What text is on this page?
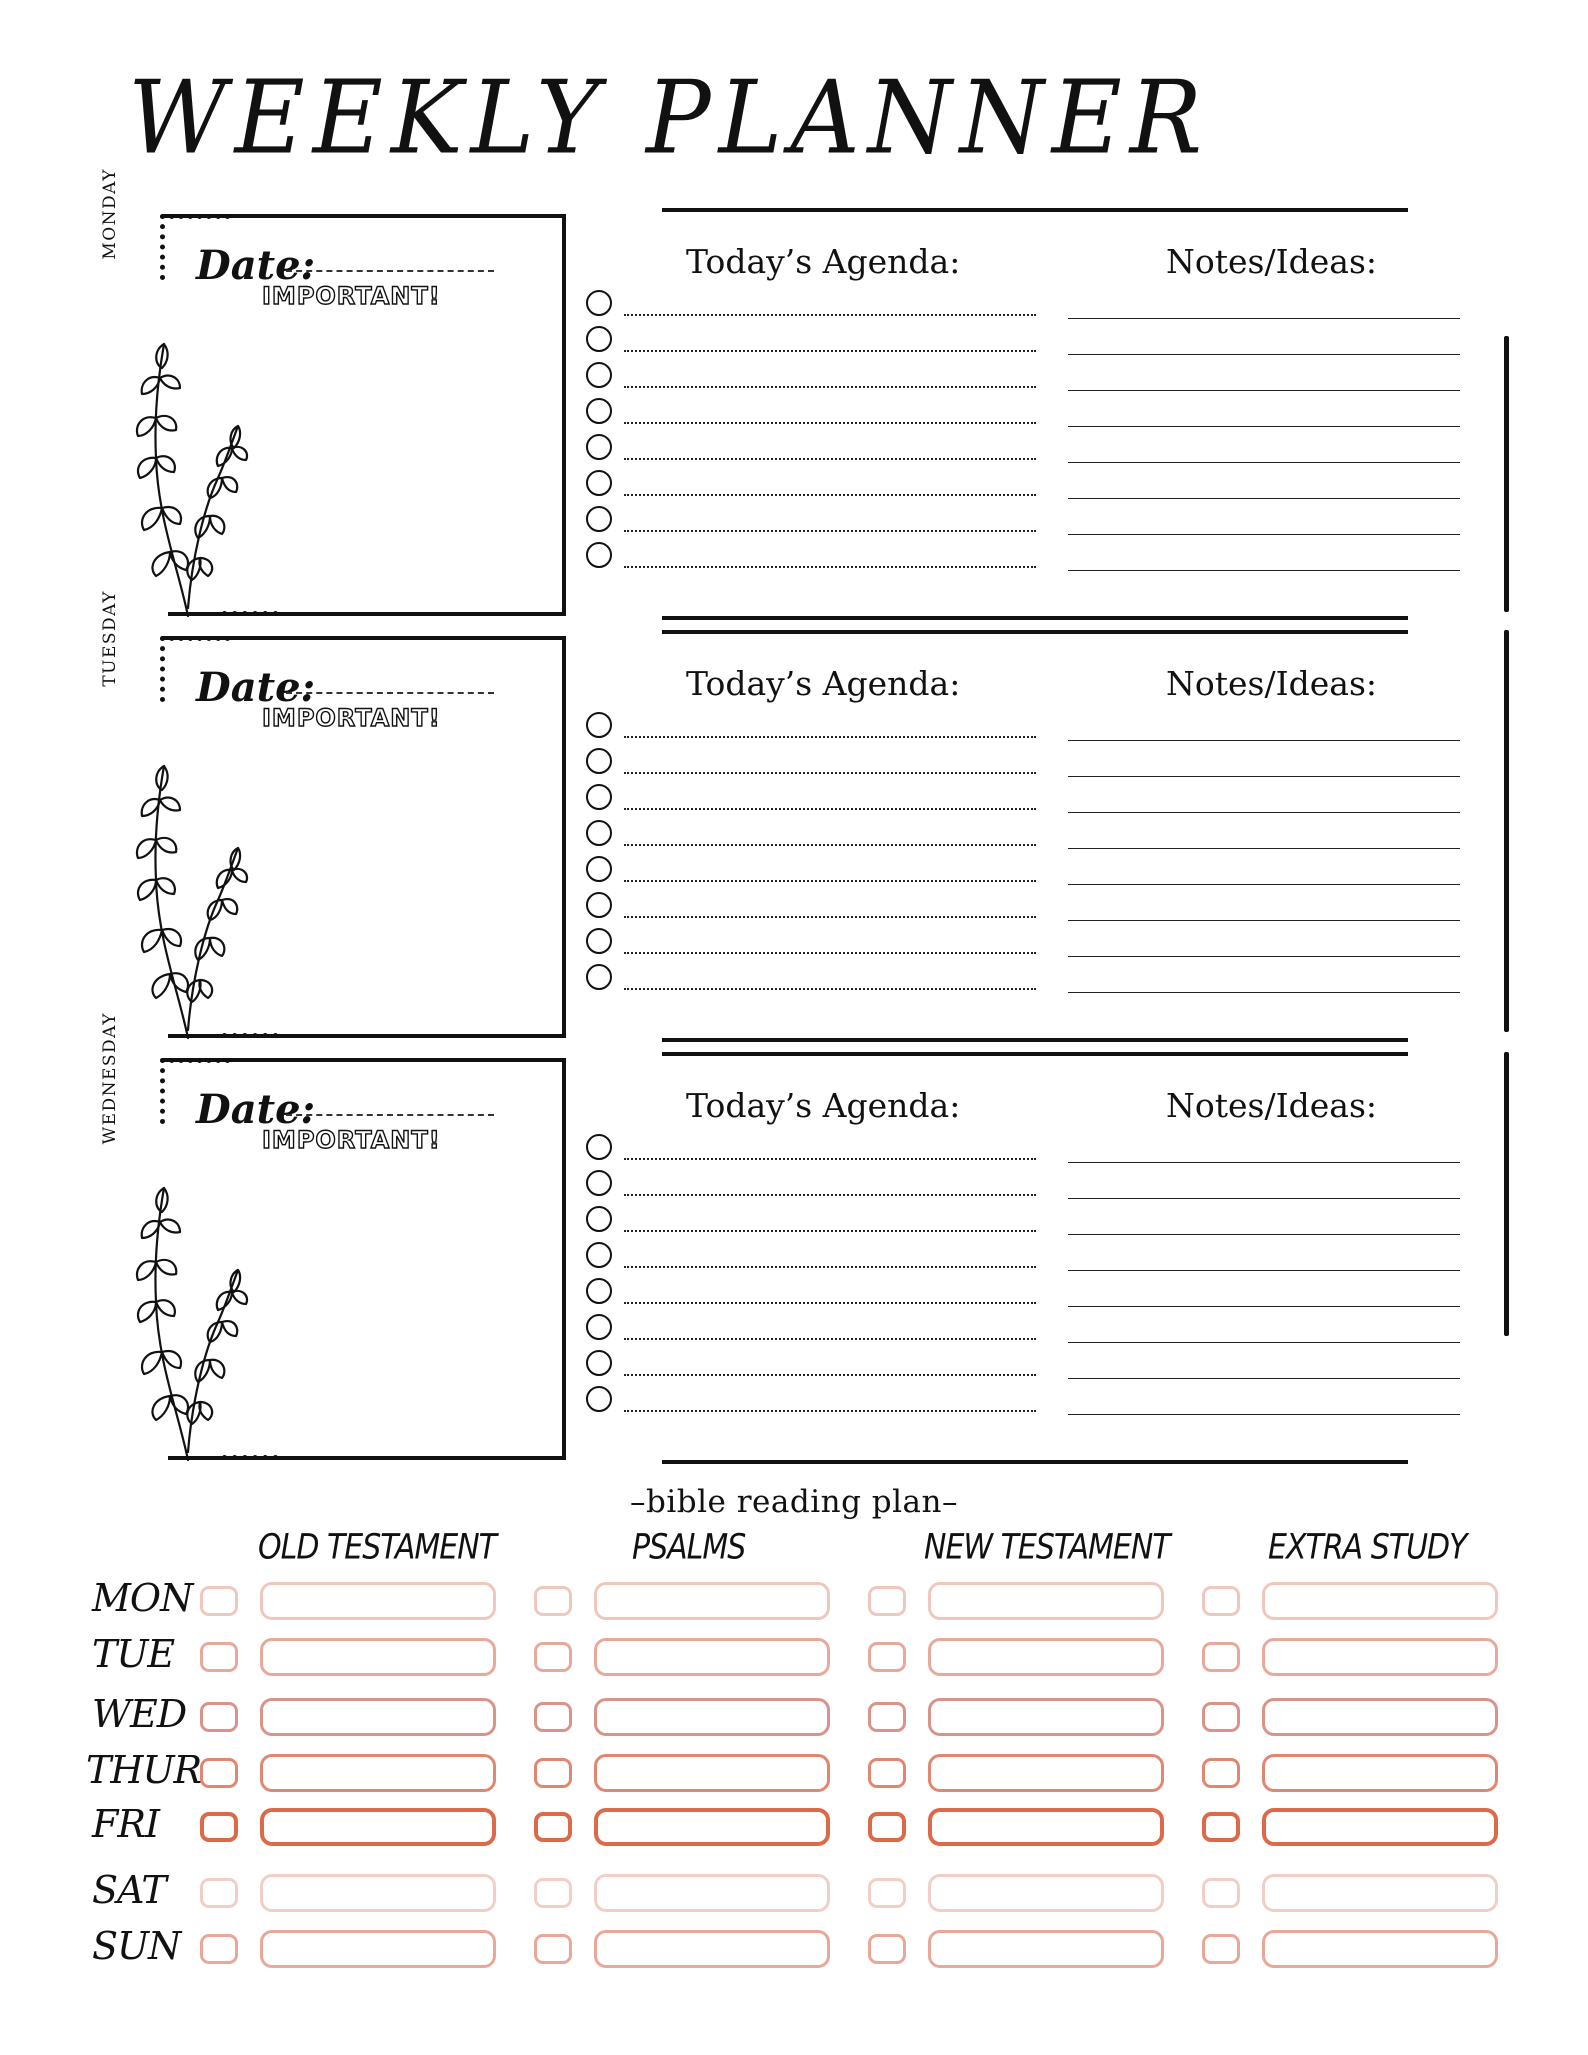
WEEKLY PLANNER
MONDAY
Date:
IMPORTANT!
Today’s Agenda:	Notes/Ideas:
TUESDAY
Date:
IMPORTANT!
Today’s Agenda:	Notes/Ideas:
WEDNESDAY Date:
IMPORTANT!
Today’s Agenda:	Notes/Ideas:
–bible reading plan–
OLD TESTAMENT	PSALMS	NEW TESTAMENT	EXTRA STUDY
MON
TUE
WED
THUR
FRI
SAT
SUN
